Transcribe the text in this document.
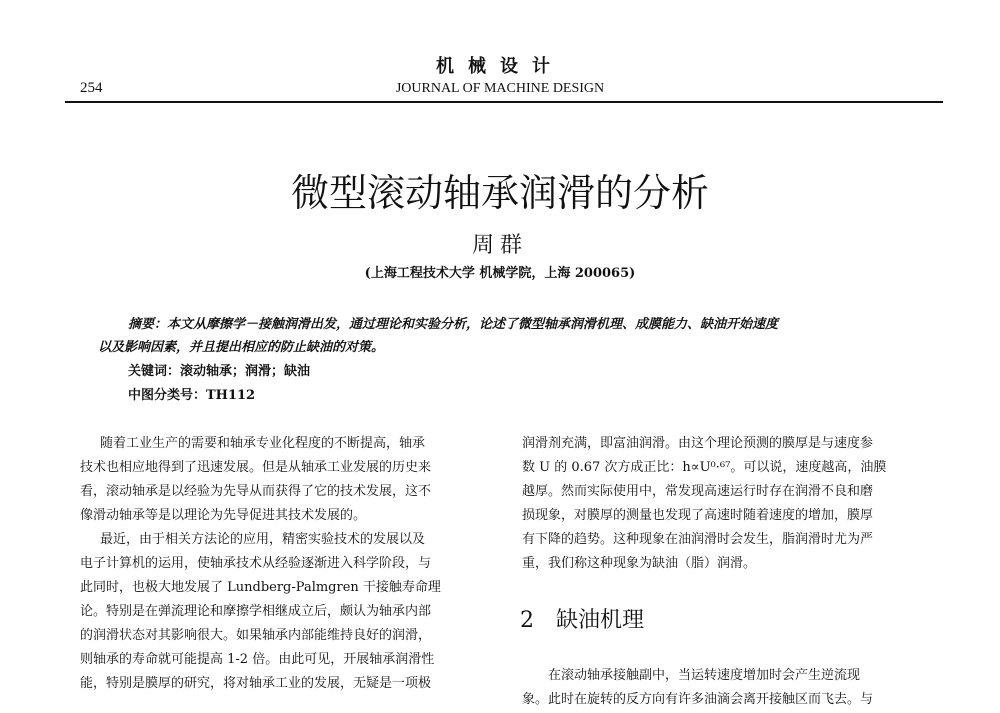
机械设计
254	JOURNAL OF MACHINE DESIGN
微型滚动轴承润滑的分析
周群
(上海工程技术大学 机械学院，上海 200065)
摘要：本文从摩擦学－接触润滑出发，通过理论和实验分析，论述了微型轴承润滑机理、成膜能力、缺油开始速度
以及影响因素，并且提出相应的防止缺油的对策。
关键词：滚动轴承；润滑；缺油
中图分类号：TH112
随着工业生产的需要和轴承专业化程度的不断提高，轴承
技术也相应地得到了迅速发展。但是从轴承工业发展的历史来
看，滚动轴承是以经验为先导从而获得了它的技术发展，这不
像滑动轴承等是以理论为先导促进其技术发展的。
最近，由于相关方法论的应用，精密实验技术的发展以及
电子计算机的运用，使轴承技术从经验逐渐进入科学阶段，与
此同时，也极大地发展了 Lundberg-Palmgren 干接触寿命理
论。特别是在弹流理论和摩擦学相继成立后，颇认为轴承内部
的润滑状态对其影响很大。如果轴承内部能维持良好的润滑，
则轴承的寿命就可能提高 1-2 倍。由此可见，开展轴承润滑性
能，特别是膜厚的研究，将对轴承工业的发展，无疑是一项极
润滑剂充满，即富油润滑。由这个理论预测的膜厚是与速度参
数 U 的 0.67 次方成正比：h∝U⁰·⁶⁷。可以说，速度越高，油膜
越厚。然而实际使用中，常发现高速运行时存在润滑不良和磨
损现象，对膜厚的测量也发现了高速时随着速度的增加，膜厚
有下降的趋势。这种现象在油润滑时会发生，脂润滑时尤为严
重，我们称这种现象为缺油（脂）润滑。
2 缺油机理
在滚动轴承接触副中，当运转速度增加时会产生逆流现
象。此时在旋转的反方向有许多油滴会离开接触区而飞去。与
